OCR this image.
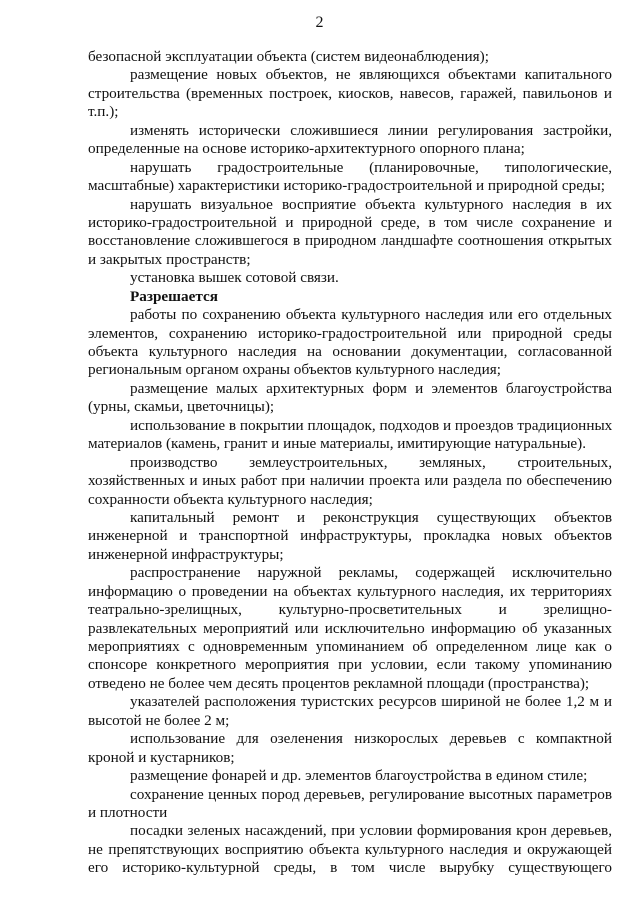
2
безопасной эксплуатации объекта (систем видеонаблюдения);
размещение новых объектов, не являющихся объектами капитального
строительства (временных построек, киосков, навесов, гаражей, павильонов и
т.п.);
изменять исторически сложившиеся линии регулирования застройки,
определенные на основе историко-архитектурного опорного плана;
нарушать градостроительные (планировочные, типологические,
масштабные) характеристики историко-градостроительной и природной среды;
нарушать визуальное восприятие объекта культурного наследия в их
историко-градостроительной и природной среде, в том числе сохранение и
восстановление сложившегося в природном ландшафте соотношения открытых
и закрытых пространств;
установка вышек сотовой связи.
Разрешается
работы по сохранению объекта культурного наследия или его отдельных
элементов, сохранению историко-градостроительной или природной среды
объекта культурного наследия на основании документации, согласованной
региональным органом охраны объектов культурного наследия;
размещение малых архитектурных форм и элементов благоустройства
(урны, скамьи, цветочницы);
использование в покрытии площадок, подходов и проездов традиционных
материалов (камень, гранит и иные материалы, имитирующие натуральные).
производство землеустроительных, земляных, строительных,
хозяйственных и иных работ при наличии проекта или раздела по обеспечению
сохранности объекта культурного наследия;
капитальный ремонт и реконструкция существующих объектов
инженерной и транспортной инфраструктуры, прокладка новых объектов
инженерной инфраструктуры;
распространение наружной рекламы, содержащей исключительно
информацию о проведении на объектах культурного наследия, их территориях
театрально-зрелищных, культурно-просветительных и зрелищно-
развлекательных мероприятий или исключительно информацию об указанных
мероприятиях с одновременным упоминанием об определенном лице как о
спонсоре конкретного мероприятия при условии, если такому упоминанию
отведено не более чем десять процентов рекламной площади (пространства);
указателей расположения туристских ресурсов шириной не более 1,2 м и
высотой не более 2 м;
использование для озеленения низкорослых деревьев с компактной
кроной и кустарников;
размещение фонарей и др. элементов благоустройства в едином стиле;
сохранение ценных пород деревьев, регулирование высотных параметров
и плотности
посадки зеленых насаждений, при условии формирования крон деревьев,
не препятствующих восприятию объекта культурного наследия и окружающей
его историко-культурной среды, в том числе вырубку существующего
